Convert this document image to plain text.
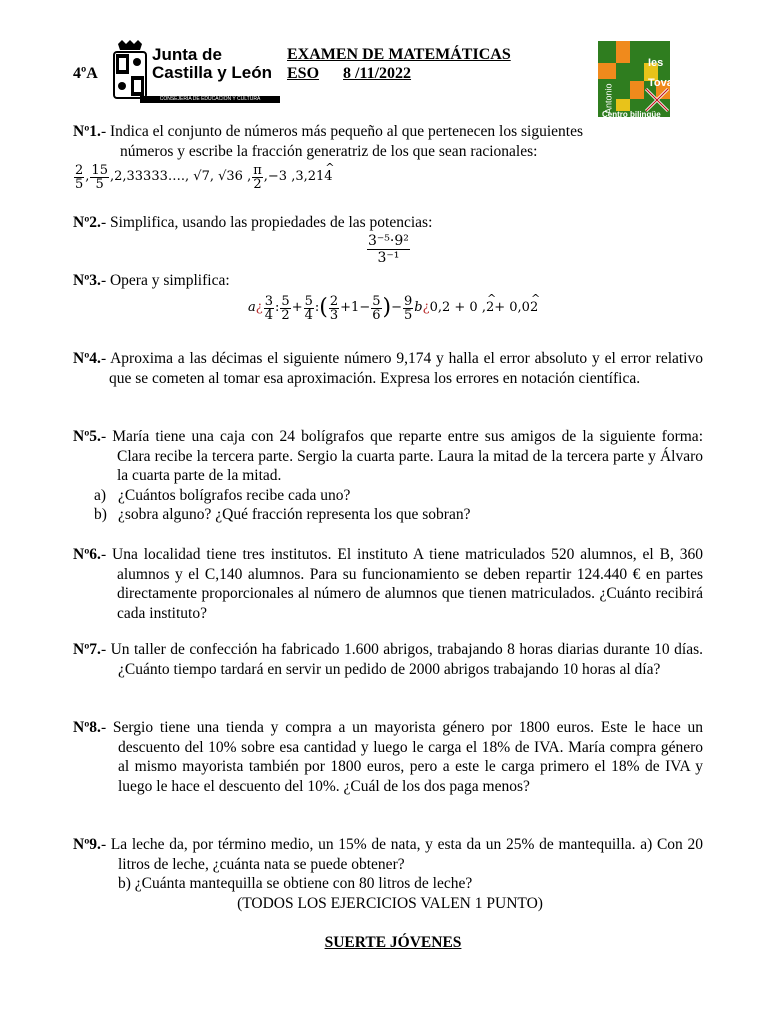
4ºA
Junta de
Castilla y León
CONSEJERÍA DE EDUCACIÓN Y CULTURA
EXAMEN DE MATEMÁTICAS
ESO 8 /11/2022
Ies Tovar
Antonio
Centro bilingüe
Nº1.- Indica el conjunto de números más pequeño al que pertenecen los siguientes
números y escribe la fracción generatriz de los que sean racionales:
$\frac{2}{5}$ , $\frac{15}{5}$ , 2,33333….,
√7 , √36 , $\frac{\pi}{2}$ , −3 , 3,21 4 ^
Nº2.- Simplifica, usando las propiedades de las potencias:
$\frac{\text{3⁻⁵·9²}}{\text{3⁻¹}}$
Nº3.- Opera y simplifica:
a ¿ $\frac{3}{4}$ : $\frac{5}{2} + \frac{5}{4}$ : ( $\frac{2}{3} +1- \frac{5}{6}$ ) − $\frac{9}{5}$ b ¿ 0,2 + 0 , 2 ^ + 0,0 2 ^
Nº4.- Aproxima a las décimas el siguiente número 9,174 y halla el error absoluto y el error relativo que se cometen al tomar esa aproximación. Expresa los errores en notación científica.
Nº5.- María tiene una caja con 24 bolígrafos que reparte entre sus amigos de la siguiente forma: Clara recibe la tercera parte. Sergio la cuarta parte. Laura la mitad de la tercera parte y Álvaro la cuarta parte de la mitad.
a) ¿Cuántos bolígrafos recibe cada uno?
b) ¿sobra alguno? ¿Qué fracción representa los que sobran?
Nº6.- Una localidad tiene tres institutos. El instituto A tiene matriculados 520 alumnos, el B, 360 alumnos y el C,140 alumnos. Para su funcionamiento se deben repartir 124.440 € en partes directamente proporcionales al número de alumnos que tienen matriculados. ¿Cuánto recibirá cada instituto?
Nº7.- Un taller de confección ha fabricado 1.600 abrigos, trabajando 8 horas diarias durante 10 días. ¿Cuánto tiempo tardará en servir un pedido de 2000 abrigos trabajando 10 horas al día?
Nº8.- Sergio tiene una tienda y compra a un mayorista género por 1800 euros. Este le hace un descuento del 10% sobre esa cantidad y luego le carga el 18% de IVA. María compra género al mismo mayorista también por 1800 euros, pero a este le carga primero el 18% de IVA y luego le hace el descuento del 10%. ¿Cuál de los dos paga menos?
Nº9.- La leche da, por término medio, un 15% de nata, y esta da un 25% de mantequilla. a) Con 20 litros de leche, ¿cuánta nata se puede obtener?
b) ¿Cuánta mantequilla se obtiene con 80 litros de leche?
(TODOS LOS EJERCICIOS VALEN 1 PUNTO)
SUERTE JÓVENES
